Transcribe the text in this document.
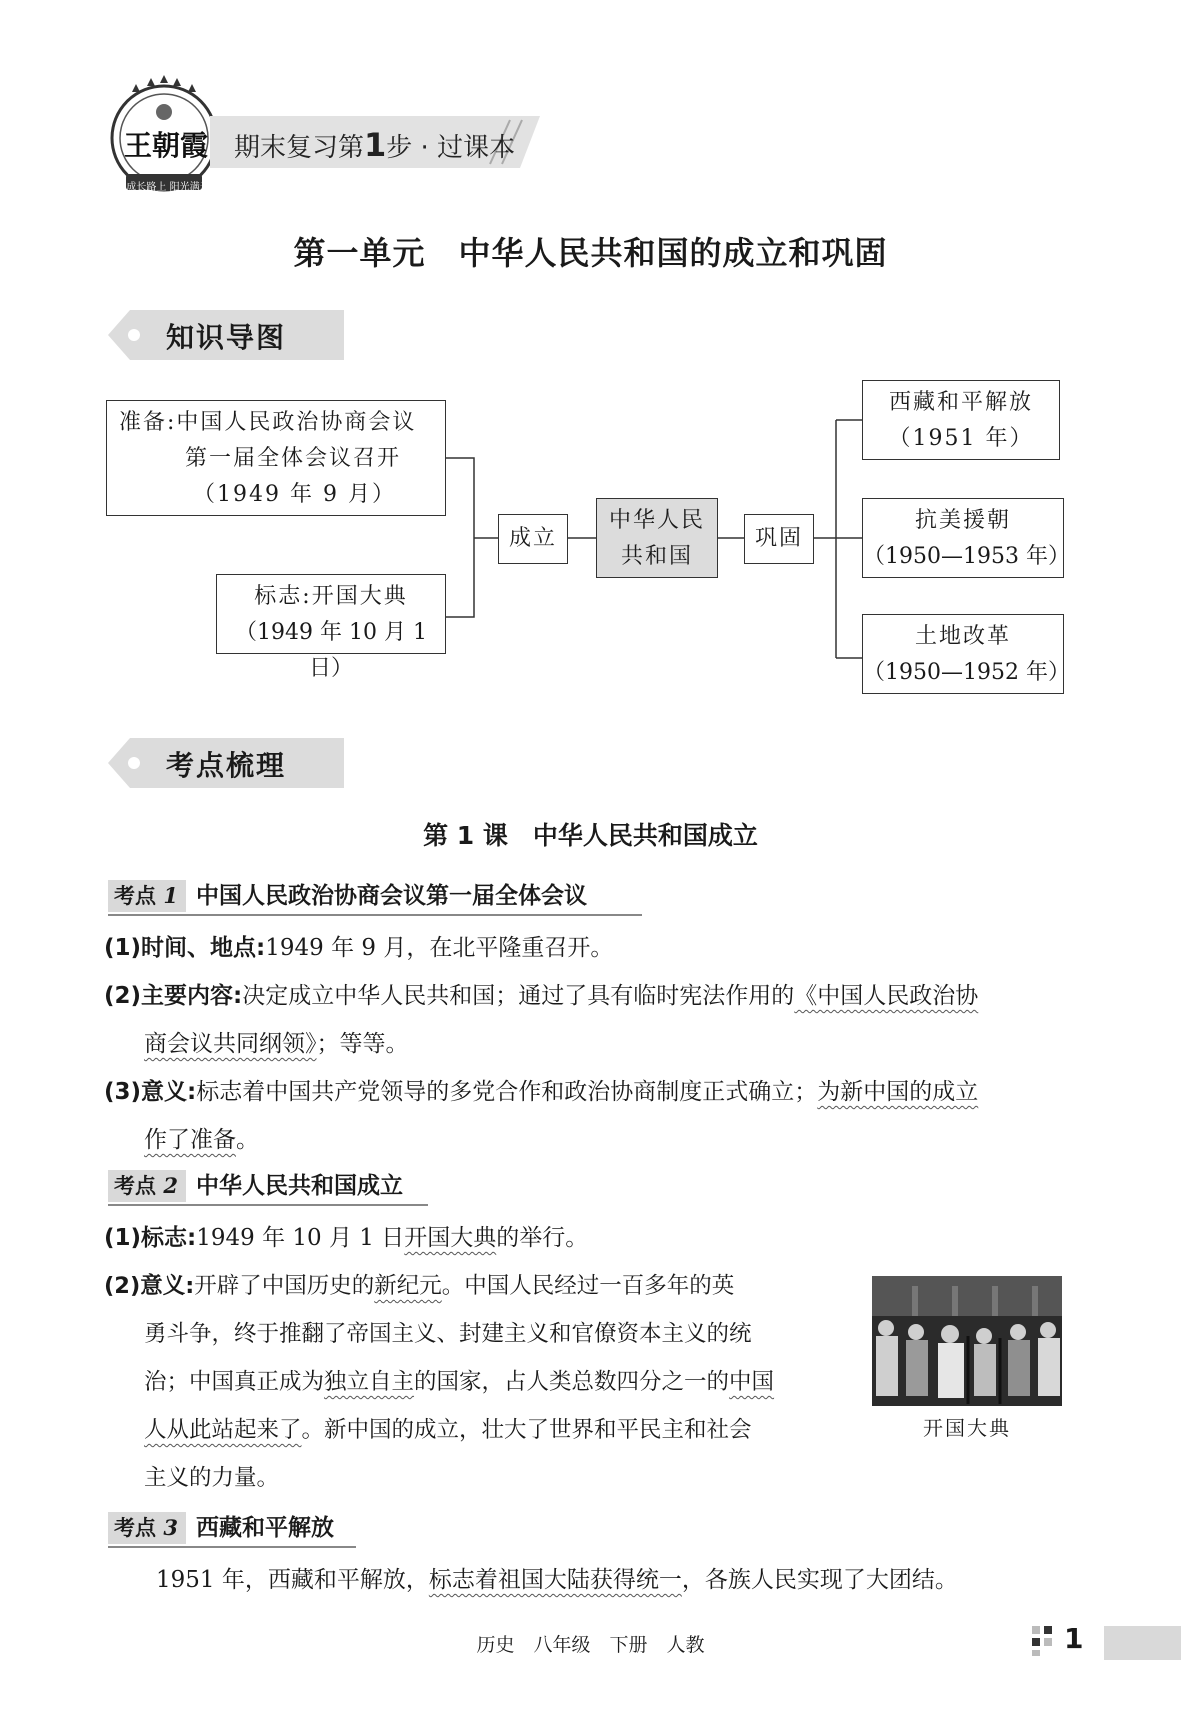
王朝霞
成长路上 阳光满天
期末复习第1步 · 过课本
第一单元　中华人民共和国的成立和巩固
知识导图
准备:中国人民政治协商会议
第一届全体会议召开
（1949 年 9 月）
标志:开国大典
（1949 年 10 月 1 日）
成立
中华人民
共和国
巩固
西藏和平解放
（1951 年）
抗美援朝
（1950—1953 年）
土地改革
（1950—1952 年）
考点梳理
第 1 课　中华人民共和国成立
考点 1 中国人民政治协商会议第一届全体会议
(1)时间、地点:1949 年 9 月，在北平隆重召开。
(2)主要内容:决定成立中华人民共和国；通过了具有临时宪法作用的《中国人民政治协
商会议共同纲领》；等等。
(3)意义:标志着中国共产党领导的多党合作和政治协商制度正式确立；为新中国的成立
作了准备。
考点 2 中华人民共和国成立
(1)标志:1949 年 10 月 1 日开国大典的举行。
(2)意义:开辟了中国历史的新纪元。中国人民经过一百多年的英
勇斗争，终于推翻了帝国主义、封建主义和官僚资本主义的统
治；中国真正成为独立自主的国家，占人类总数四分之一的中国
人从此站起来了。新中国的成立，壮大了世界和平民主和社会
主义的力量。
开国大典
考点 3 西藏和平解放
1951 年，西藏和平解放，标志着祖国大陆获得统一，各族人民实现了大团结。
历史　八年级　下册　人教	1
